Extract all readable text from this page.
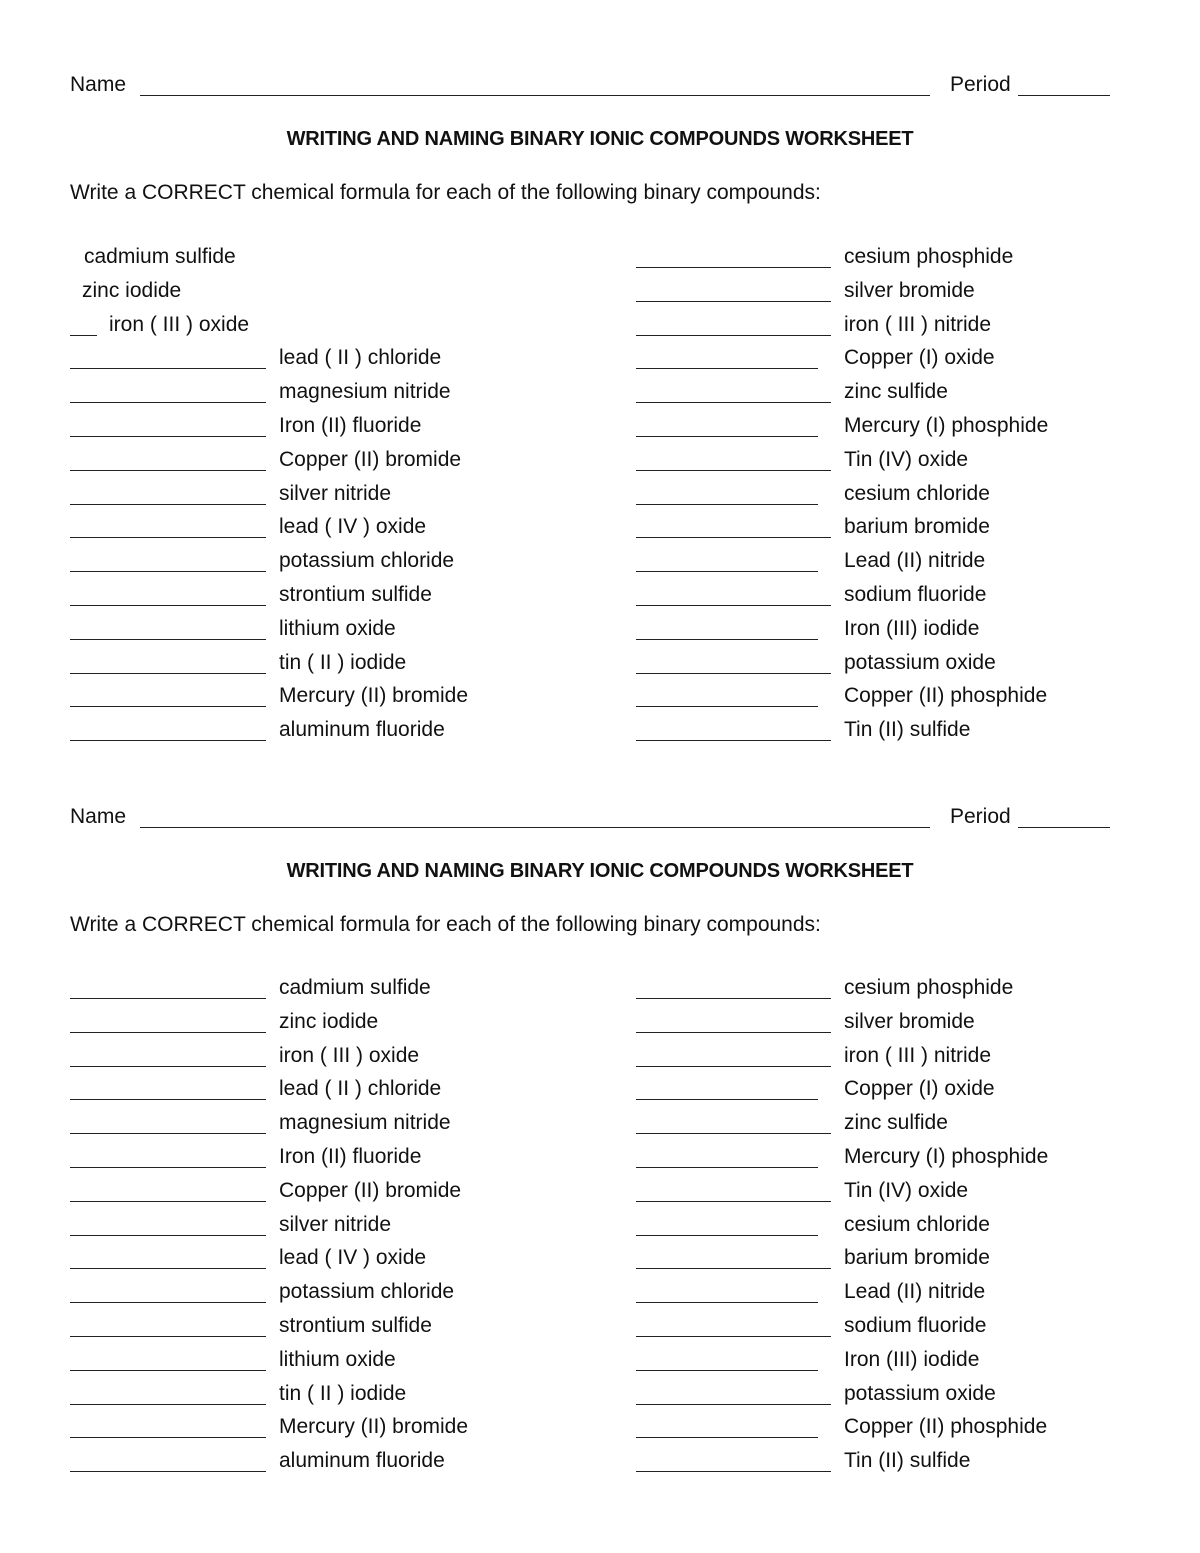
Name	Period
WRITING AND NAMING BINARY IONIC COMPOUNDS WORKSHEET
Write a CORRECT chemical formula for each of the following binary compounds:
cadmium sulfide	cesium phosphide
zinc iodide	silver bromide
iron ( III ) oxide	iron ( III ) nitride
lead ( II ) chloride	Copper (I) oxide
magnesium nitride	zinc sulfide
Iron (II) fluoride	Mercury (I) phosphide
Copper (II) bromide	Tin (IV) oxide
silver nitride	cesium chloride
lead ( IV ) oxide	barium bromide
potassium chloride	Lead (II) nitride
strontium sulfide	sodium fluoride
lithium oxide	Iron (III) iodide
tin ( II ) iodide	potassium oxide
Mercury (II) bromide	Copper (II) phosphide
aluminum fluoride	Tin (II) sulfide
Name	Period
WRITING AND NAMING BINARY IONIC COMPOUNDS WORKSHEET
Write a CORRECT chemical formula for each of the following binary compounds:
cadmium sulfide	cesium phosphide
zinc iodide	silver bromide
iron ( III ) oxide	iron ( III ) nitride
lead ( II ) chloride	Copper (I) oxide
magnesium nitride	zinc sulfide
Iron (II) fluoride	Mercury (I) phosphide
Copper (II) bromide	Tin (IV) oxide
silver nitride	cesium chloride
lead ( IV ) oxide	barium bromide
potassium chloride	Lead (II) nitride
strontium sulfide	sodium fluoride
lithium oxide	Iron (III) iodide
tin ( II ) iodide	potassium oxide
Mercury (II) bromide	Copper (II) phosphide
aluminum fluoride	Tin (II) sulfide
